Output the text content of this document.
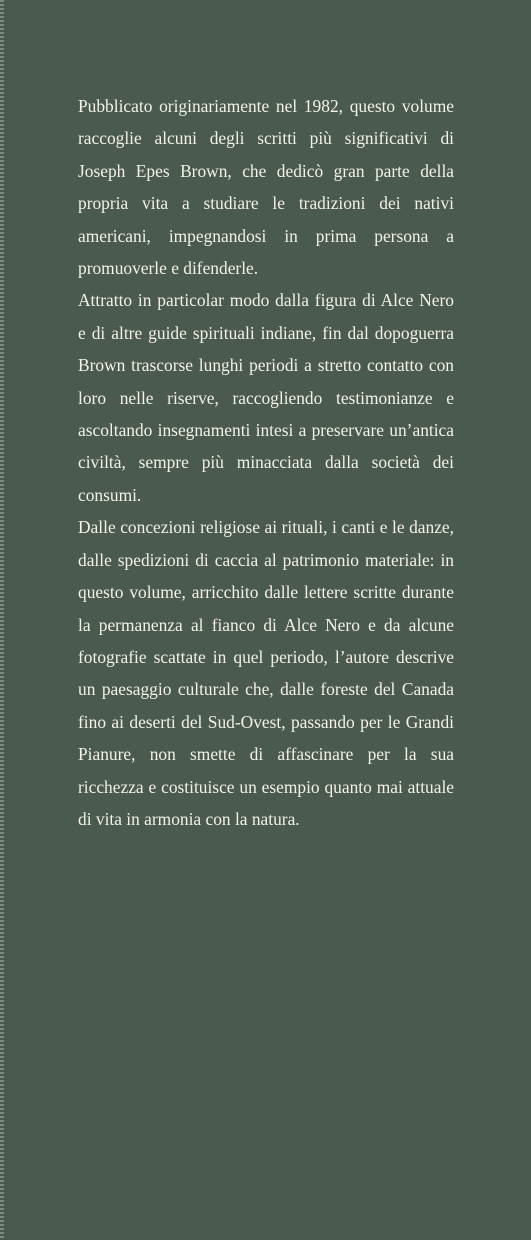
Pubblicato originariamente nel 1982, questo volume raccoglie alcuni degli scritti più significativi di Joseph Epes Brown, che dedicò gran parte della propria vita a studiare le tradizioni dei nativi americani, impegnandosi in prima persona a promuoverle e difenderle.

Attratto in particolar modo dalla figura di Alce Nero e di altre guide spirituali indiane, fin dal dopoguerra Brown trascorse lunghi periodi a stretto contatto con loro nelle riserve, raccogliendo testimonianze e ascoltando insegnamenti intesi a preservare un’antica civiltà, sempre più minacciata dalla società dei consumi.

Dalle concezioni religiose ai rituali, i canti e le danze, dalle spedizioni di caccia al patrimonio materiale: in questo volume, arricchito dalle lettere scritte durante la permanenza al fianco di Alce Nero e da alcune fotografie scattate in quel periodo, l’autore descrive un paesaggio culturale che, dalle foreste del Canada fino ai deserti del Sud-Ovest, passando per le Grandi Pianure, non smette di affascinare per la sua ricchezza e costituisce un esempio quanto mai attuale di vita in armonia con la natura.
